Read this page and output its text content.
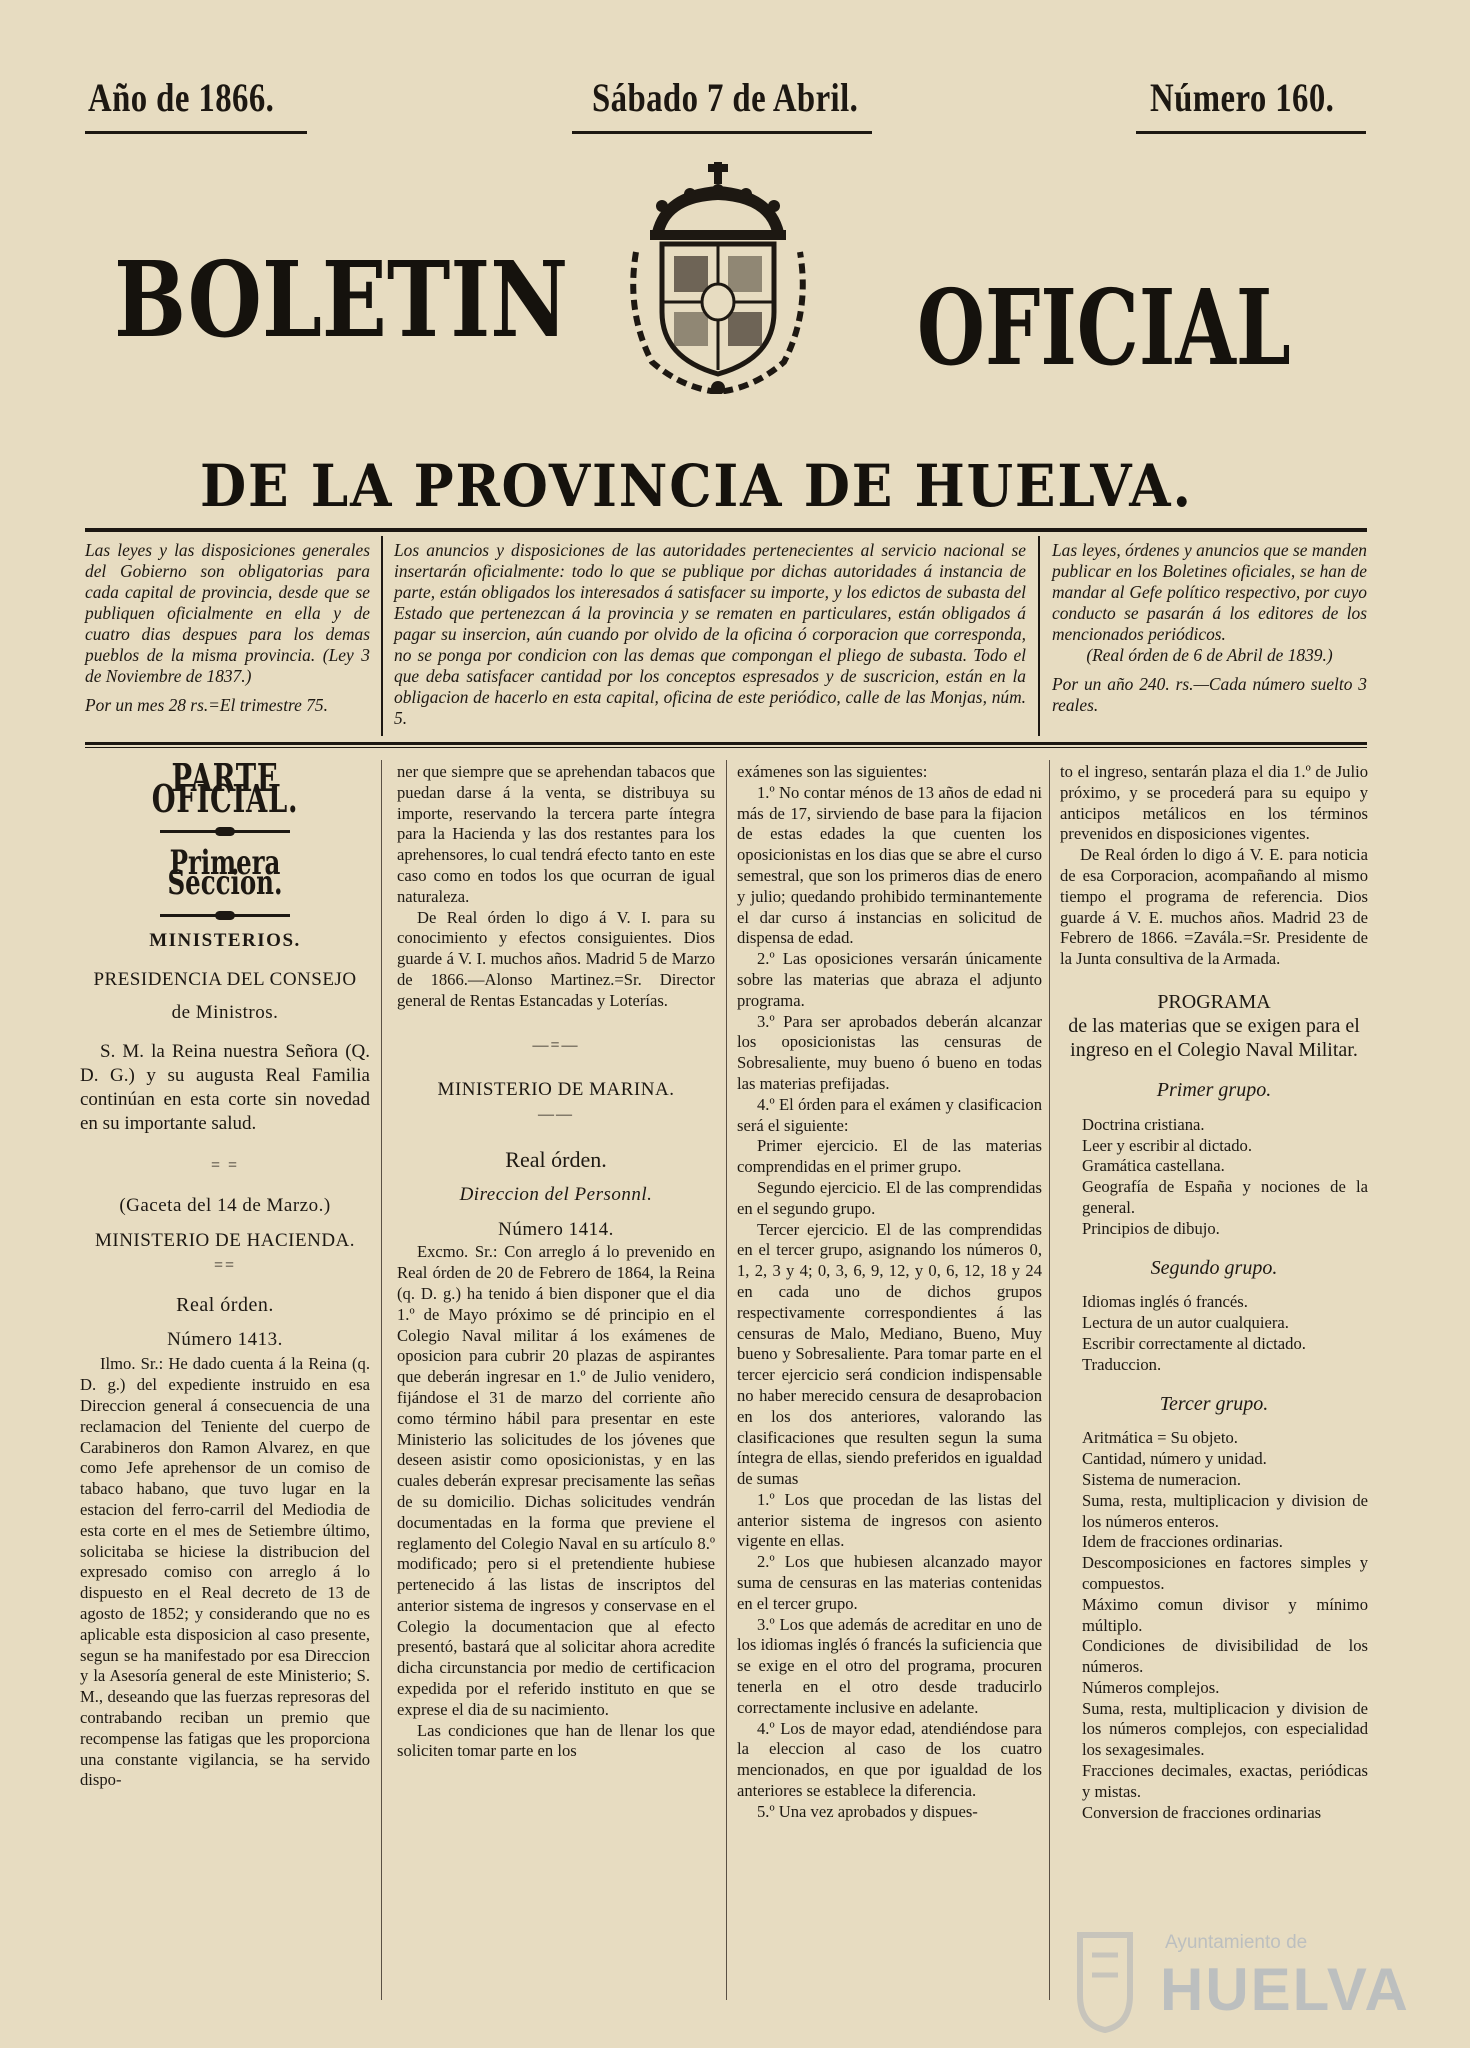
Año de 1866.	Sábado 7 de Abril.	Número 160.
BOLETIN	OFICIAL
DE LA PROVINCIA DE HUELVA.

Las leyes y las disposiciones generales del Gobierno son obligatorias para cada capital de provincia, desde que se publiquen oficialmente en ella y de cuatro dias despues para los demas pueblos de la misma provincia. (Ley 3 de Noviembre de 1837.)

Por un mes 28 rs.=El trimestre 75.

Los anuncios y disposiciones de las autoridades pertenecientes al servicio nacional se insertarán oficialmente: todo lo que se publique por dichas autoridades á instancia de parte, están obligados los interesados á satisfacer su importe, y los edictos de subasta del Estado que pertenezcan á la provincia y se rematen en particulares, están obligados á pagar su insercion, aún cuando por olvido de la oficina ó corporacion que corresponda, no se ponga por condicion con las demas que compongan el pliego de subasta. Todo el que deba satisfacer cantidad por los conceptos espresados y de suscricion, están en la obligacion de hacerlo en esta capital, oficina de este periódico, calle de las Monjas, núm. 5.

Las leyes, órdenes y anuncios que se manden publicar en los Boletines oficiales, se han de mandar al Gefe político respectivo, por cuyo conducto se pasarán á los editores de los mencionados periódicos.

(Real órden de 6 de Abril de 1839.)

Por un año 240. rs.—Cada número suelto 3 reales.

PARTE OFICIAL.
Primera Seccion.
MINISTERIOS.
PRESIDENCIA DEL CONSEJO
de Ministros.

S. M. la Reina nuestra Señora (Q. D. G.) y su augusta Real Familia continúan en esta corte sin novedad en su importante salud.

= =
(Gaceta del 14 de Marzo.)
MINISTERIO DE HACIENDA.
==
Real órden.
Número 1413.

Ilmo. Sr.: He dado cuenta á la Reina (q. D. g.) del expediente instruido en esa Direccion general á consecuencia de una reclamacion del Teniente del cuerpo de Carabineros don Ramon Alvarez, en que como Jefe aprehensor de un comiso de tabaco habano, que tuvo lugar en la estacion del ferro-carril del Mediodia de esta corte en el mes de Setiembre último, solicitaba se hiciese la distribucion del expresado comiso con arreglo á lo dispuesto en el Real decreto de 13 de agosto de 1852; y considerando que no es aplicable esta disposicion al caso presente, segun se ha manifestado por esa Direccion y la Asesoría general de este Ministerio; S. M., deseando que las fuerzas represoras del contrabando reciban un premio que recompense las fatigas que les proporciona una constante vigilancia, se ha servido dispo-

ner que siempre que se aprehendan tabacos que puedan darse á la venta, se distribuya su importe, reservando la tercera parte íntegra para la Hacienda y las dos restantes para los aprehensores, lo cual tendrá efecto tanto en este caso como en todos los que ocurran de igual naturaleza.

De Real órden lo digo á V. I. para su conocimiento y efectos consiguientes. Dios guarde á V. I. muchos años. Madrid 5 de Marzo de 1866.—Alonso Martinez.=Sr. Director general de Rentas Estancadas y Loterías.

—=—
MINISTERIO DE MARINA.
——
Real órden.
Direccion del Personnl.
Número 1414.

Excmo. Sr.: Con arreglo á lo prevenido en Real órden de 20 de Febrero de 1864, la Reina (q. D. g.) ha tenido á bien disponer que el dia 1.º de Mayo próximo se dé principio en el Colegio Naval militar á los exámenes de oposicion para cubrir 20 plazas de aspirantes que deberán ingresar en 1.º de Julio venidero, fijándose el 31 de marzo del corriente año como término hábil para presentar en este Ministerio las solicitudes de los jóvenes que deseen asistir como oposicionistas, y en las cuales deberán expresar precisamente las señas de su domicilio. Dichas solicitudes vendrán documentadas en la forma que previene el reglamento del Colegio Naval en su artículo 8.º modificado; pero si el pretendiente hubiese pertenecido á las listas de inscriptos del anterior sistema de ingresos y conservase en el Colegio la documentacion que al efecto presentó, bastará que al solicitar ahora acredite dicha circunstancia por medio de certificacion expedida por el referido instituto en que se exprese el dia de su nacimiento.

Las condiciones que han de llenar los que soliciten tomar parte en los

exámenes son las siguientes:

1.º No contar ménos de 13 años de edad ni más de 17, sirviendo de base para la fijacion de estas edades la que cuenten los oposicionistas en los dias que se abre el curso semestral, que son los primeros dias de enero y julio; quedando prohibido terminantemente el dar curso á instancias en solicitud de dispensa de edad.

2.º Las oposiciones versarán únicamente sobre las materias que abraza el adjunto programa.

3.º Para ser aprobados deberán alcanzar los oposicionistas las censuras de Sobresaliente, muy bueno ó bueno en todas las materias prefijadas.

4.º El órden para el exámen y clasificacion será el siguiente:

Primer ejercicio. El de las materias comprendidas en el primer grupo.

Segundo ejercicio. El de las comprendidas en el segundo grupo.

Tercer ejercicio. El de las comprendidas en el tercer grupo, asignando los números 0, 1, 2, 3 y 4; 0, 3, 6, 9, 12, y 0, 6, 12, 18 y 24 en cada uno de dichos grupos respectivamente correspondientes á las censuras de Malo, Mediano, Bueno, Muy bueno y Sobresaliente. Para tomar parte en el tercer ejercicio será condicion indispensable no haber merecido censura de desaprobacion en los dos anteriores, valorando las clasificaciones que resulten segun la suma íntegra de ellas, siendo preferidos en igualdad de sumas

1.º Los que procedan de las listas del anterior sistema de ingresos con asiento vigente en ellas.

2.º Los que hubiesen alcanzado mayor suma de censuras en las materias contenidas en el tercer grupo.

3.º Los que además de acreditar en uno de los idiomas inglés ó francés la suficiencia que se exige en el otro del programa, procuren tenerla en el otro desde traducirlo correctamente inclusive en adelante.

4.º Los de mayor edad, atendiéndose para la eleccion al caso de los cuatro mencionados, en que por igualdad de los anteriores se establece la diferencia.

5.º Una vez aprobados y dispues-

to el ingreso, sentarán plaza el dia 1.º de Julio próximo, y se procederá para su equipo y anticipos metálicos en los términos prevenidos en disposiciones vigentes.

De Real órden lo digo á V. E. para noticia de esa Corporacion, acompañando al mismo tiempo el programa de referencia. Dios guarde á V. E. muchos años. Madrid 23 de Febrero de 1866. =Zavála.=Sr. Presidente de la Junta consultiva de la Armada.

PROGRAMA
de las materias que se exigen para el ingreso en el Colegio Naval Militar.
Primer grupo.

Doctrina cristiana.

Leer y escribir al dictado.

Gramática castellana.

Geografía de España y nociones de la general.

Principios de dibujo.

Segundo grupo.

Idiomas inglés ó francés.

Lectura de un autor cualquiera.

Escribir correctamente al dictado.

Traduccion.

Tercer grupo.

Aritmática = Su objeto.

Cantidad, número y unidad.

Sistema de numeracion.

Suma, resta, multiplicacion y division de los números enteros.

Idem de fracciones ordinarias.

Descomposiciones en factores simples y compuestos.

Máximo comun divisor y mínimo múltiplo.

Condiciones de divisibilidad de los números.

Números complejos.

Suma, resta, multiplicacion y division de los números complejos, con especialidad los sexagesimales.

Fracciones decimales, exactas, periódicas y mistas.

Conversion de fracciones ordinarias

Ayuntamiento de
HUELVA
